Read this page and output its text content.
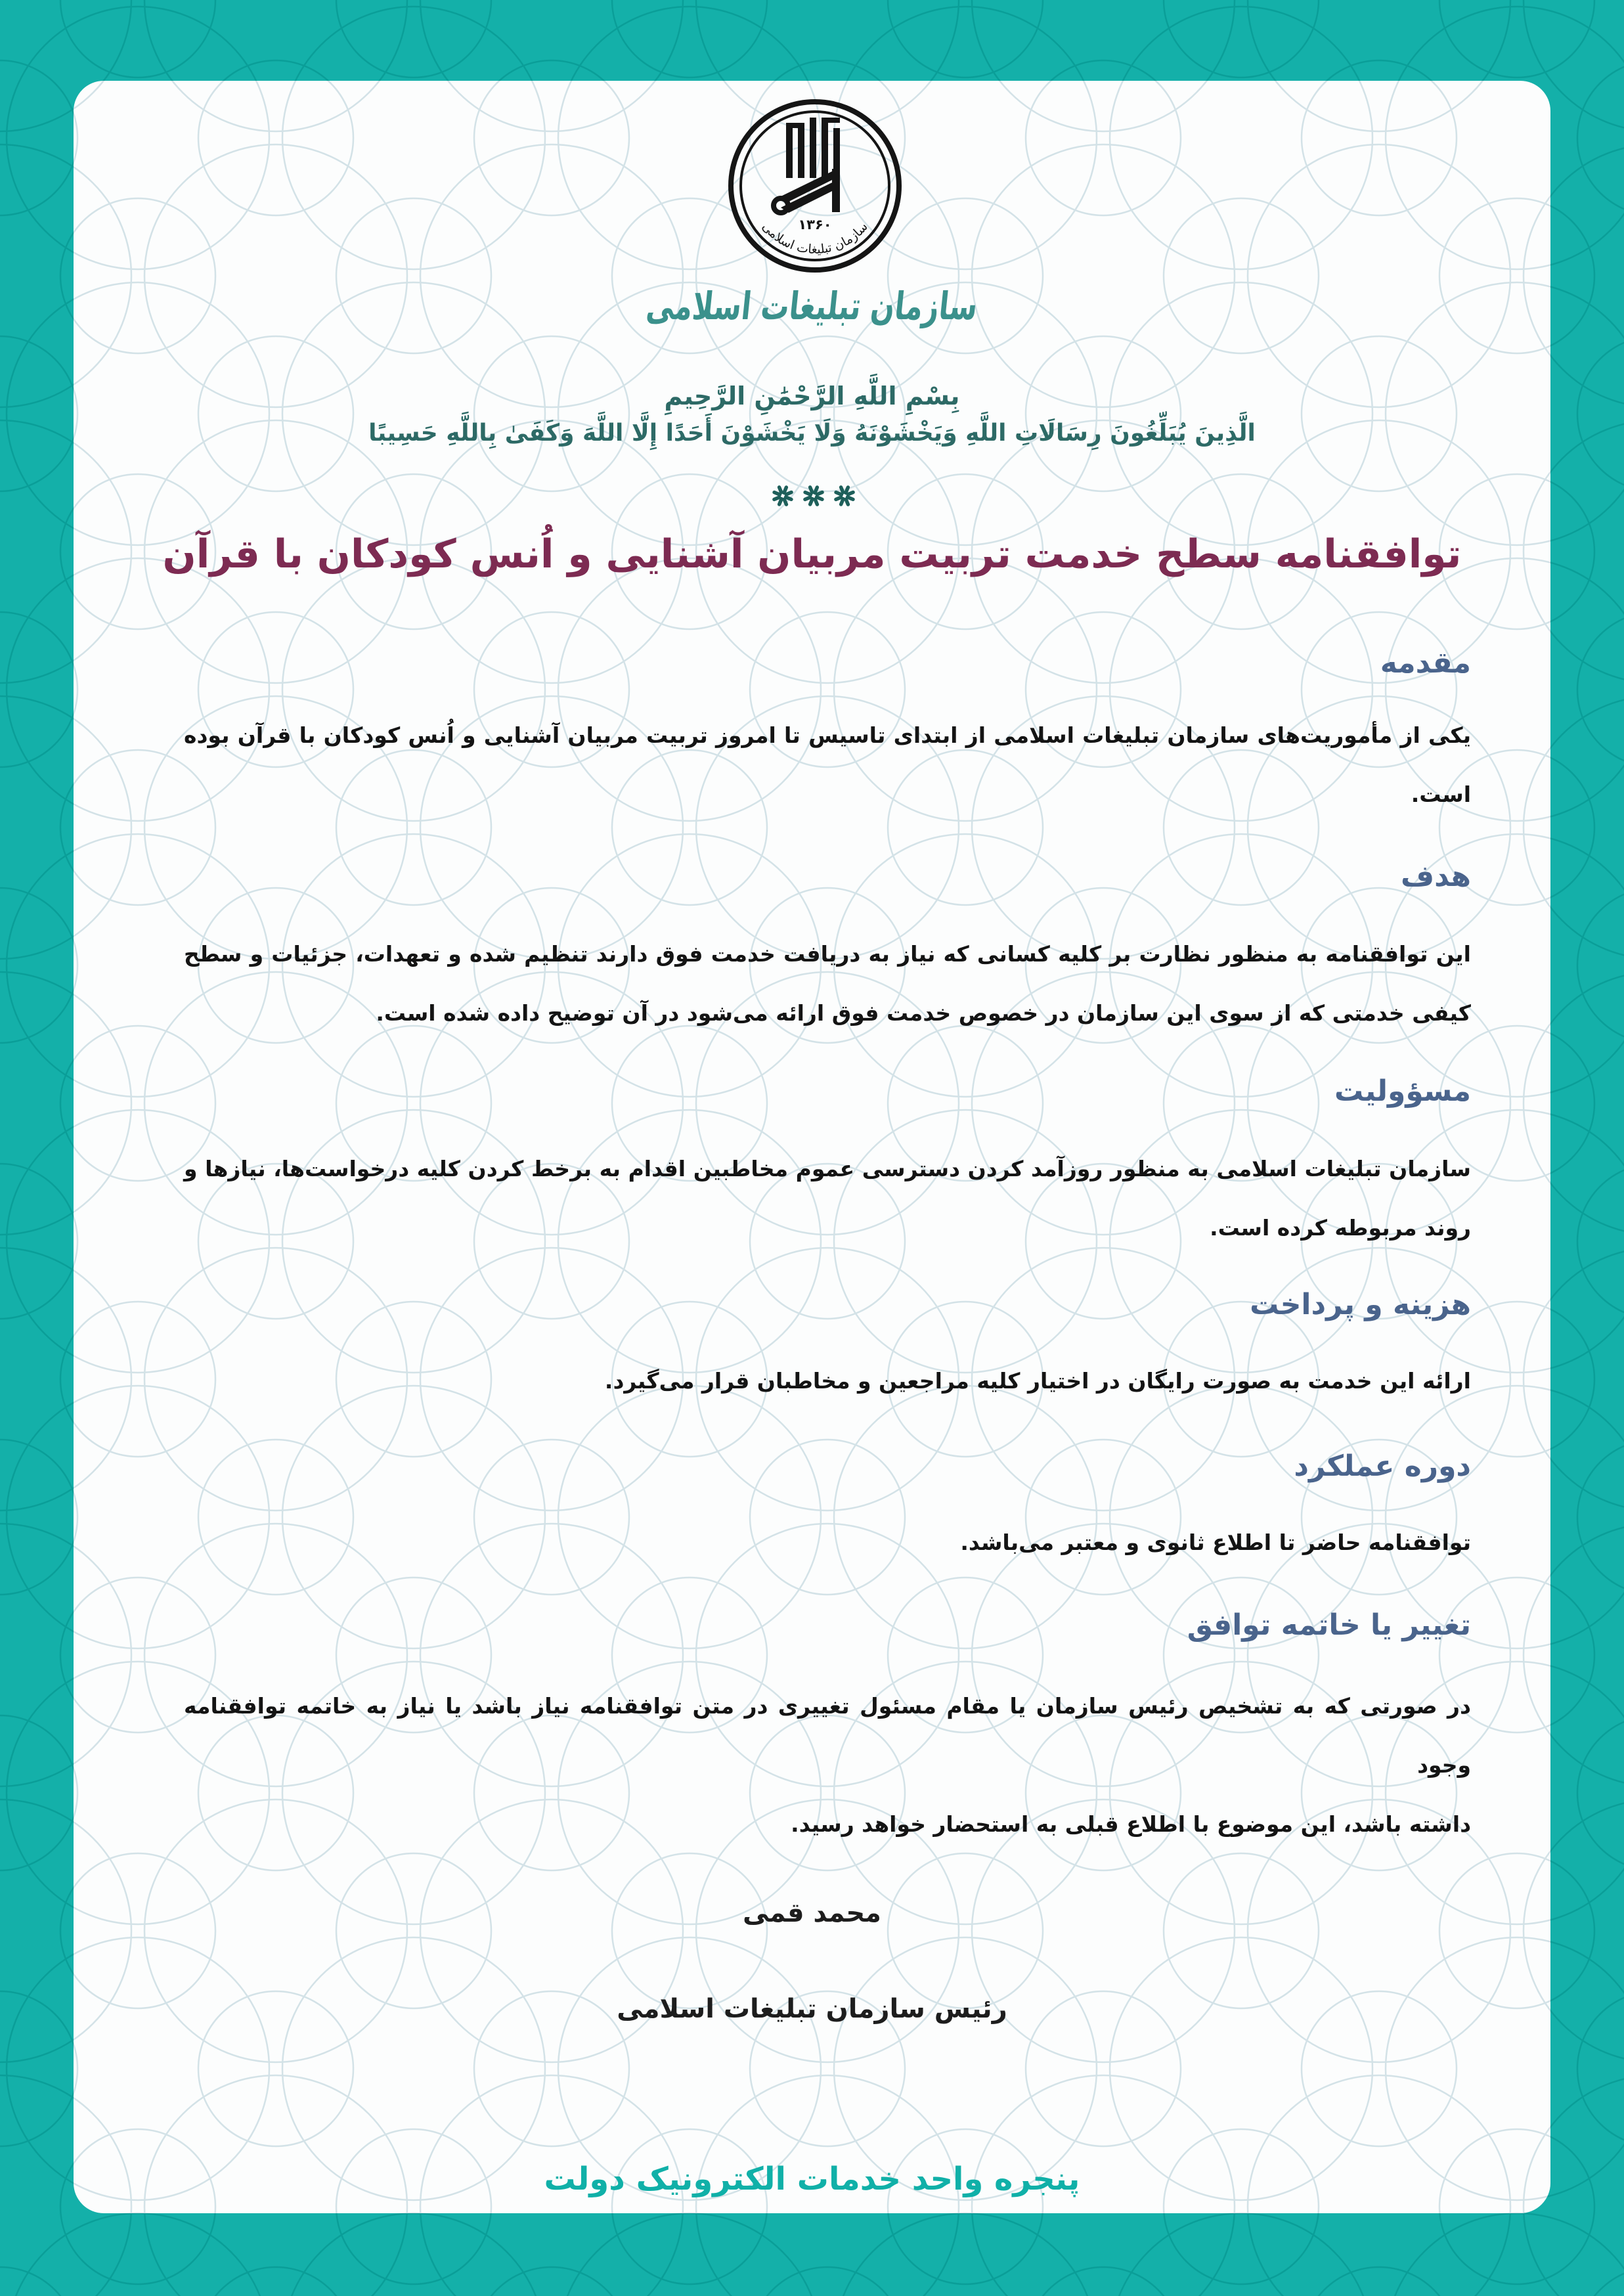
۱۳۶۰
سازمان تبلیغات اسلامی
سازمان تبلیغات اسلامی
بِسْمِ اللَّهِ الرَّحْمَٰنِ الرَّحِيمِ
الَّذِينَ يُبَلِّغُونَ رِسَالَاتِ اللَّهِ وَيَخْشَوْنَهُ وَلَا يَخْشَوْنَ أَحَدًا إِلَّا اللَّهَ وَكَفَىٰ بِاللَّهِ حَسِيبًا
توافقنامه سطح خدمت تربیت مربیان آشنایی و اُنس کودکان با قرآن
مقدمه
یکی از مأموریت‌های سازمان تبلیغات اسلامی از ابتدای تاسیس تا امروز تربیت مربیان آشنایی و اُنس کودکان با قرآن بوده
است.
هدف
این توافقنامه به منظور نظارت بر کلیه کسانی که نیاز به دریافت خدمت فوق دارند تنظیم شده و تعهدات، جزئیات و سطح
کیفی خدمتی که از سوی این سازمان در خصوص خدمت فوق ارائه می‌شود در آن توضیح داده شده است.
مسؤولیت
سازمان تبلیغات اسلامی به منظور روزآمد کردن دسترسی عموم مخاطبین اقدام به برخط کردن کلیه درخواست‌ها، نیازها و
روند مربوطه کرده است.
هزینه و پرداخت
ارائه این خدمت به صورت رایگان در اختیار کلیه مراجعین و مخاطبان قرار می‌گیرد.
دوره عملکرد
توافقنامه حاضر تا اطلاع ثانوی و معتبر می‌باشد.
تغییر یا خاتمه توافق
در صورتی که به تشخیص رئیس سازمان یا مقام مسئول تغییری در متن توافقنامه نیاز باشد یا نیاز به خاتمه توافقنامه وجود
داشته باشد، این موضوع با اطلاع قبلی به استحضار خواهد رسید.
محمد قمی
رئیس سازمان تبلیغات اسلامی
پنجره واحد خدمات الکترونیک دولت
